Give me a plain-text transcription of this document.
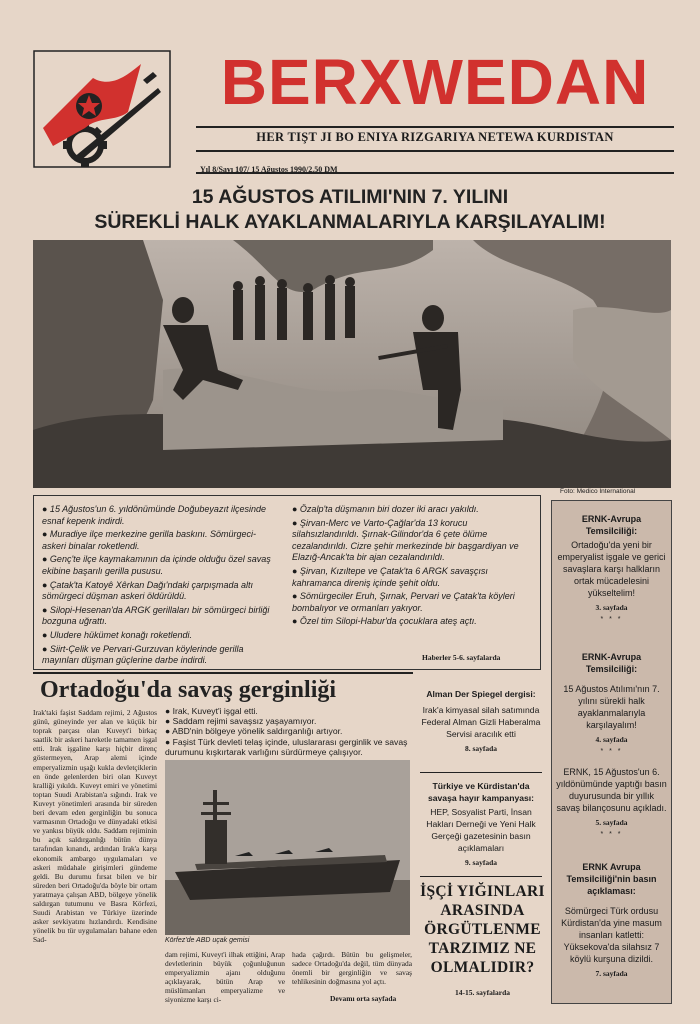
BERXWEDAN
HER TIŞT JI BO ENIYA RIZGARIYA NETEWA KURDISTAN
Yıl 8/Sayı 107/ 15 Ağustos 1990/2.50 DM
15 AĞUSTOS ATILIMI'NIN 7. YILINI
SÜREKLİ HALK AYAKLANMALARIYLA KARŞILAYALIM!
Foto: Medico International

● 15 Ağustos'un 6. yıldönümünde Doğubeyazıt ilçesinde esnaf kepenk indirdi.

● Muradiye ilçe merkezine gerilla baskını. Sömürgeci-askeri binalar roketlendi.

● Genç'te ilçe kaymakamının da içinde olduğu özel savaş ekibine başarılı gerilla pususu.

● Çatak'ta Katoyê Xêrkan Dağı'ndaki çarpışmada altı sömürgeci düşman askeri öldürüldü.

● Silopi-Hesenan'da ARGK gerillaları bir sömürgeci birliği bozguna uğrattı.

● Uludere hükümet konağı roketlendi.

● Siirt-Çelik ve Pervari-Gurzuvan köylerinde gerilla mayınları düşman güçlerine darbe indirdi.

● Özalp'ta düşmanın biri dozer iki aracı yakıldı.

● Şirvan-Merc ve Varto-Çağlar'da 13 korucu silahsızlandırıldı. Şırnak-Gilindor'da 6 çete ölüme cezalandırıldı. Cizre şehir merkezinde bir başgardiyan ve Elazığ-Ancak'ta bir ajan cezalandırıldı.

● Şirvan, Kızıltepe ve Çatak'ta 6 ARGK savaşçısı kahramanca direniş içinde şehit oldu.

● Sömürgeciler Eruh, Şırnak, Pervari ve Çatak'ta köyleri bombalıyor ve ormanları yakıyor.

● Özel tim Silopi-Habur'da çocuklara ateş açtı.

Haberler 5-6. sayfalarda
ERNK-Avrupa Temsilciliği:
Ortadoğu'da yeni bir emperyalist işgale ve gerici savaşlara karşı halkların ortak mücadelesini yükseltelim!
3. sayfada
* * *
ERNK-Avrupa Temsilciliği:
15 Ağustos Atılımı'nın 7. yılını sürekli halk ayaklanmalarıyla karşılayalım!
4. sayfada
* * *
ERNK, 15 Ağustos'un 6. yıldönümünde yaptığı basın duyurusunda bir yıllık savaş bilançosunu açıkladı.
5. sayfada
* * *
ERNK Avrupa Temsilciliği'nin basın açıklaması:
Sömürgeci Türk ordusu Kürdistan'da yine masum insanları katletti: Yüksekova'da silahsız 7 köylü kurşuna dizildi.
7. sayfada
Ortadoğu'da savaş gerginliği
Irak'taki faşist Saddam rejimi, 2 Ağustos günü, güneyinde yer alan ve küçük bir toprak parçası olan Kuveyt'i birkaç saatlik bir askeri hareketle tamamen işgal etti. Irak işgaline karşı hiçbir direnç göstermeyen, Arap alemi içinde emperyalizmin uşağı kukla devletçiklerin en önde gelenlerden biri olan Kuveyt kralliği yıkıldı. Kuveyt emiri ve yönetimi toptan Suudi Arabistan'a sığındı. Irak ve Kuveyt yönetimleri arasında bir süreden beri devam eden gerginliğin bu sonuca varmasının Ortadoğu ve dünyadaki etkisi ve yankısı büyük oldu. Saddam rejiminin bu açık saldırganlığı bütün dünya tarafından kınandı, ardından Irak'a karşı ekonomik ambargo uygulamaları ve askeri müdahale girişimleri gündeme geldi. Bu durumu fırsat bilen ve bir süreden beri Ortadoğu'da böyle bir ortam yaratmaya çalışan ABD, bölgeye yönelik saldırgan tutumunu ve Basra Körfezi, Suudi Arabistan ve Türkiye üzerinde asker sevkiyatını hızlandırdı. Kendisine yönelik bu tür uygulamaları bahane eden Sad-
● Irak, Kuveyt'i işgal etti.
● Saddam rejimi savaşsız yaşayamıyor.
● ABD'nin bölgeye yönelik saldırganlığı artıyor.
● Faşist Türk devleti telaş içinde, uluslararası gerginlik ve savaş durumunu kışkırtarak varlığını sürdürmeye çalışıyor.
Körfez'de ABD uçak gemisi
dam rejimi, Kuveyt'i ilhak ettiğini, Arap devletlerinin büyük çoğunluğunun emperyalizmin ajanı olduğunu açıklayarak, bütün Arap ve müslümanları emperyalizme ve siyonizme karşı ci-
hada çağırdı. Bütün bu gelişmeler, sadece Ortadoğu'da değil, tüm dünyada önemli bir gerginliğin ve savaş tehlikesinin doğmasına yol açtı.
Devamı orta sayfada
Alman Der Spiegel dergisi:
Irak'a kimyasal silah satımında Federal Alman Gizli Haberalma Servisi aracılık etti
8. sayfada
Türkiye ve Kürdistan'da savaşa hayır kampanyası:
HEP, Sosyalist Parti, İnsan Hakları Derneği ve Yeni Halk Gerçeği gazetesinin basın açıklamaları
9. sayfada
İŞÇİ YIĞINLARI ARASINDA ÖRGÜTLENME TARZIMIZ NE OLMALIDIR?
14-15. sayfalarda
